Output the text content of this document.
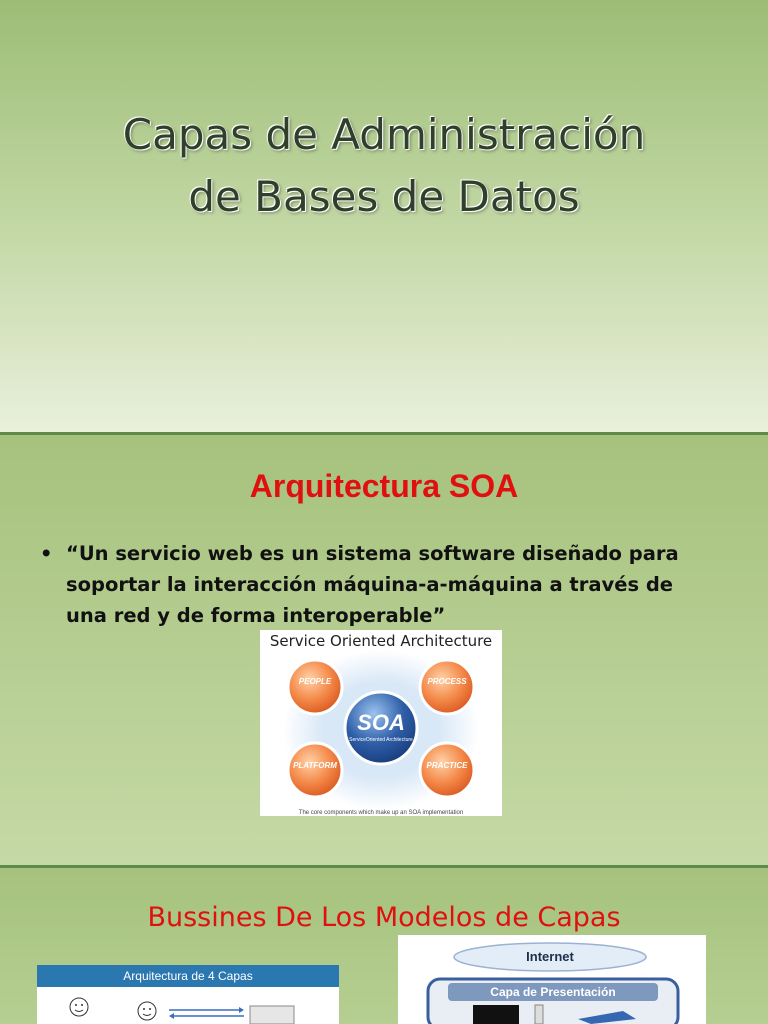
Capas de Administración
de Bases de Datos
Arquitectura SOA
• “Un servicio web es un sistema software diseñado para soportar la interacción máquina-a-máquina a través de una red y de forma interoperable”
Service Oriented Architecture
SOA
ServiceOriented Architecture
PEOPLE	PROCESS
PLATFORM	PRACTICE
The core components which make up an SOA implementation
Bussines De Los Modelos de Capas
Arquitectura de 4 Capas
Internet
Capa de Presentación
